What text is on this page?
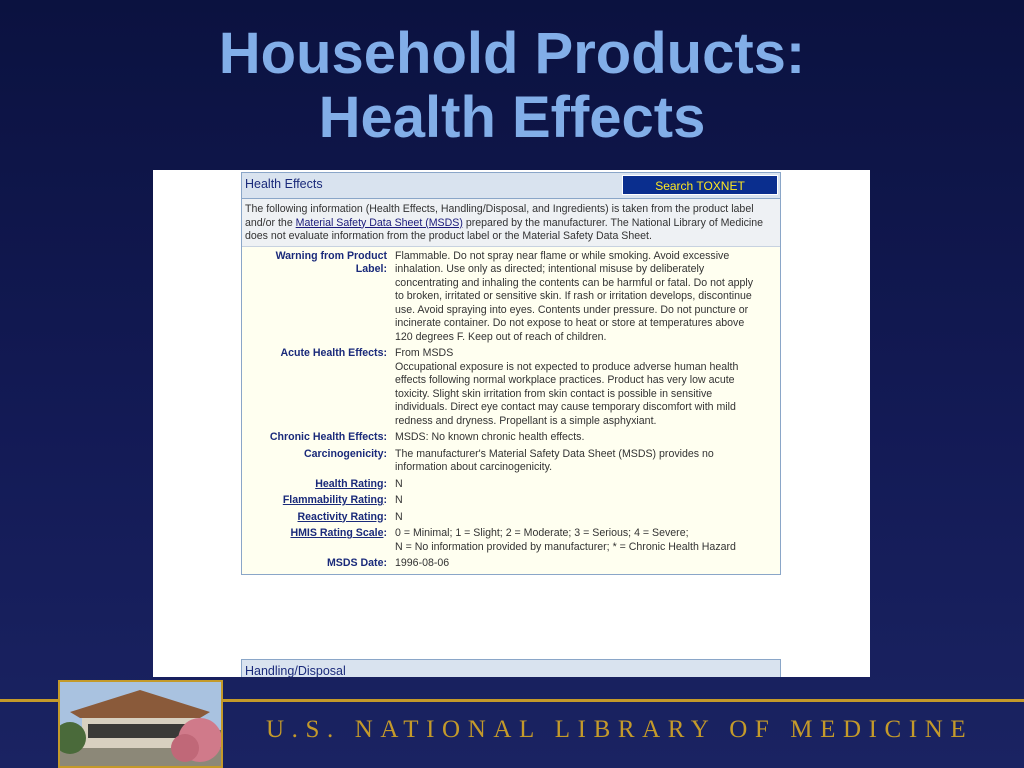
Household Products:
Health Effects
Health Effects	Search TOXNET
The following information (Health Effects, Handling/Disposal, and Ingredients) is taken from the product label and/or the Material Safety Data Sheet (MSDS) prepared by the manufacturer. The National Library of Medicine does not evaluate information from the product label or the Material Safety Data Sheet.
Warning from Product Label:	Flammable. Do not spray near flame or while smoking. Avoid excessive inhalation. Use only as directed; intentional misuse by deliberately concentrating and inhaling the contents can be harmful or fatal. Do not apply to broken, irritated or sensitive skin. If rash or irritation develops, discontinue use. Avoid spraying into eyes. Contents under pressure. Do not puncture or incinerate container. Do not expose to heat or store at temperatures above 120 degrees F. Keep out of reach of children.
Acute Health Effects:	From MSDS
Occupational exposure is not expected to produce adverse human health effects following normal workplace practices. Product has very low acute toxicity. Slight skin irritation from skin contact is possible in sensitive individuals. Direct eye contact may cause temporary discomfort with mild redness and dryness. Propellant is a simple asphyxiant.

Chronic Health Effects:	MSDS: No known chronic health effects.
Carcinogenicity:	The manufacturer's Material Safety Data Sheet (MSDS) provides no information about carcinogenicity.
Health Rating:	N
Flammability Rating:	N
Reactivity Rating:	N
HMIS Rating Scale:	0 = Minimal; 1 = Slight; 2 = Moderate; 3 = Serious; 4 = Severe;
N = No information provided by manufacturer; * = Chronic Health Hazard

MSDS Date:	1996-08-06
Handling/Disposal
U.S. NATIONAL LIBRARY OF MEDICINE
